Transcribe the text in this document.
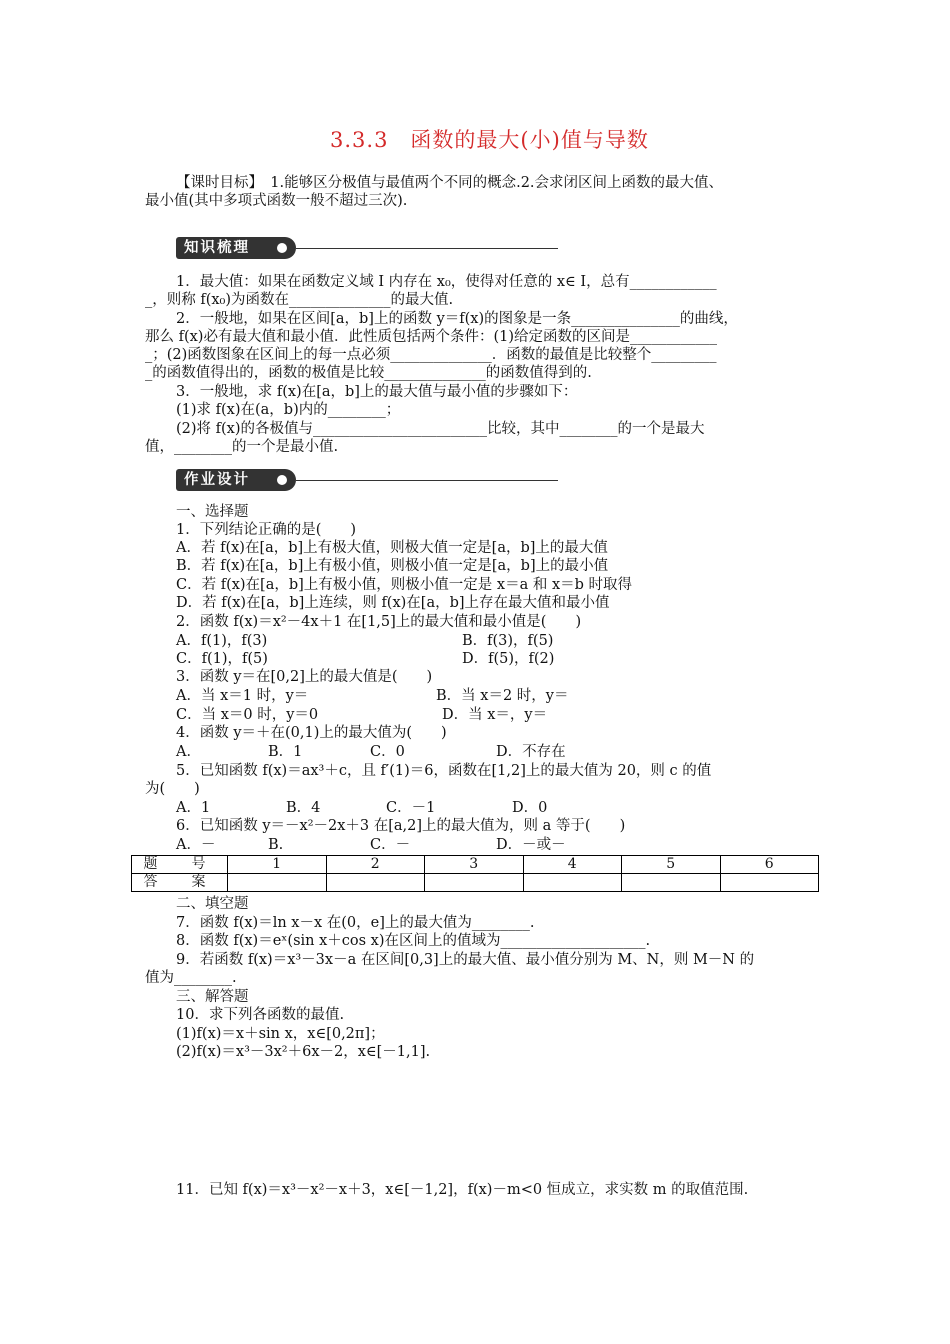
3.3.3　函数的最大(小)值与导数
【课时目标】　1.能够区分极值与最值两个不同的概念.2.会求闭区间上函数的最大值、
最小值(其中多项式函数一般不超过三次).
知识梳理
1．最大值：如果在函数定义域 I 内存在 x₀，使得对任意的 x∈ I，总有____________
_，则称 f(x₀)为函数在______________的最大值.
2．一般地，如果在区间[a，b]上的函数 y＝f(x)的图象是一条_______________的曲线，
那么 f(x)必有最大值和最小值．此性质包括两个条件：(1)给定函数的区间是____________
_；(2)函数图象在区间上的每一点必须______________．函数的最值是比较整个_________
_的函数值得出的，函数的极值是比较______________的函数值得到的.
3．一般地，求 f(x)在[a，b]上的最大值与最小值的步骤如下：
(1)求 f(x)在(a，b)内的________；
(2)将 f(x)的各极值与________________________比较，其中________的一个是最大
值，________的一个是最小值.
作业设计
一、选择题
1．下列结论正确的是(　　)
A．若 f(x)在[a，b]上有极大值，则极大值一定是[a，b]上的最大值
B．若 f(x)在[a，b]上有极小值，则极小值一定是[a，b]上的最小值
C．若 f(x)在[a，b]上有极小值，则极小值一定是 x＝a 和 x＝b 时取得
D．若 f(x)在[a，b]上连续，则 f(x)在[a，b]上存在最大值和最小值
2．函数 f(x)＝x²－4x＋1 在[1,5]上的最大值和最小值是(　　)
A．f(1)，f(3)	B．f(3)，f(5)
C．f(1)，f(5)	D．f(5)，f(2)
3．函数 y＝在[0,2]上的最大值是(　　)
A．当 x＝1 时，y＝	B．当 x＝2 时，y＝
C．当 x＝0 时，y＝0	D．当 x＝，y＝
4．函数 y＝＋在(0,1)上的最大值为(　　)
A．	B．1	C．0	D．不存在
5．已知函数 f(x)＝ax³＋c，且 f′(1)＝6，函数在[1,2]上的最大值为 20，则 c 的值
为(　　)
A．1	B．4	C．－1	D．0
6．已知函数 y＝－x²－2x＋3 在[a,2]上的最大值为，则 a 等于(　　)
A．－	B.	C．－	D．－或－
题　号	1	2	3	4	5	6
答　案						
二、填空题
7．函数 f(x)＝ln x－x 在(0，e]上的最大值为________.
8．函数 f(x)＝eˣ(sin x＋cos x)在区间上的值域为____________________.
9．若函数 f(x)＝x³－3x－a 在区间[0,3]上的最大值、最小值分别为 M、N，则 M－N 的
值为________.
三、解答题
10．求下列各函数的最值.
(1)f(x)＝x＋sin x，x∈[0,2π]；
(2)f(x)＝x³－3x²＋6x－2，x∈[－1,1].
11．已知 f(x)＝x³－x²－x＋3，x∈[－1,2]，f(x)－m<0 恒成立，求实数 m 的取值范围.
